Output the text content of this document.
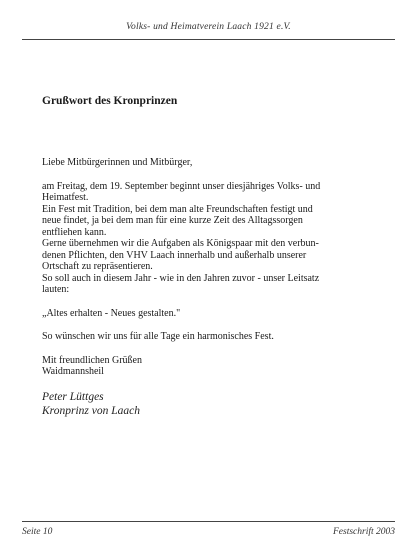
Volks- und Heimatverein Laach 1921 e.V.
Grußwort des Kronprinzen

Liebe Mitbürgerinnen und Mitbürger,

am Freitag, dem 19. September beginnt unser diesjähriges Volks- und

Heimatfest.

Ein Fest mit Tradition, bei dem man alte Freundschaften festigt und

neue findet, ja bei dem man für eine kurze Zeit des Alltagssorgen

entfliehen kann.

Gerne übernehmen wir die Aufgaben als Königspaar mit den verbun-

denen Pflichten, den VHV Laach innerhalb und außerhalb unserer

Ortschaft zu repräsentieren.

So soll auch in diesem Jahr - wie in den Jahren zuvor - unser Leitsatz

lauten:

„Altes erhalten - Neues gestalten."

So wünschen wir uns für alle Tage ein harmonisches Fest.

Mit freundlichen Grüßen

Waidmannsheil

Peter Lüttges
Kronprinz von Laach
Seite 10	Festschrift 2003
